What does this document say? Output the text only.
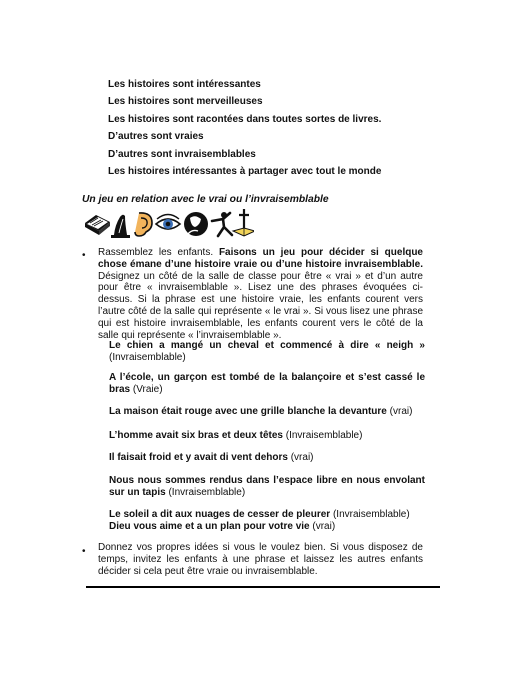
Les histoires sont intéressantes
Les histoires sont merveilleuses
Les histoires sont racontées dans toutes sortes de livres.
D’autres sont vraies
D’autres sont invraisemblables
Les histoires intéressantes à partager avec tout le monde
Un jeu en relation avec le vrai ou l’invraisemblable
• Rassemblez les enfants. Faisons un jeu pour décider si quelque chose émane d’une histoire vraie ou d’une histoire invraisemblable. Désignez un côté de la salle de classe pour être « vrai » et d’un autre pour être « invraisemblable ». Lisez une des phrases évoquées ci-dessus. Si la phrase est une histoire vraie, les enfants courent vers l’autre côté de la salle qui représente « le vrai ». Si vous lisez une phrase qui est histoire invraisemblable, les enfants courent vers le côté de la salle qui représente « l’invraisemblable ».
Le chien a mangé un cheval et commencé à dire « neigh » (Invraisemblable)
A l’école, un garçon est tombé de la balançoire et s’est cassé le bras (Vraie)
La maison était rouge avec une grille blanche la devanture (vrai)
L’homme avait six bras et deux têtes (Invraisemblable)
Il faisait froid et y avait di vent dehors (vrai)
Nous nous sommes rendus dans l’espace libre en nous envolant sur un tapis (Invraisemblable)
Le soleil a dit aux nuages de cesser de pleurer (Invraisemblable)
Dieu vous aime et a un plan pour votre vie (vrai)
• Donnez vos propres idées si vous le voulez bien. Si vous disposez de temps, invitez les enfants à une phrase et laissez les autres enfants décider si cela peut être vraie ou invraisemblable.
